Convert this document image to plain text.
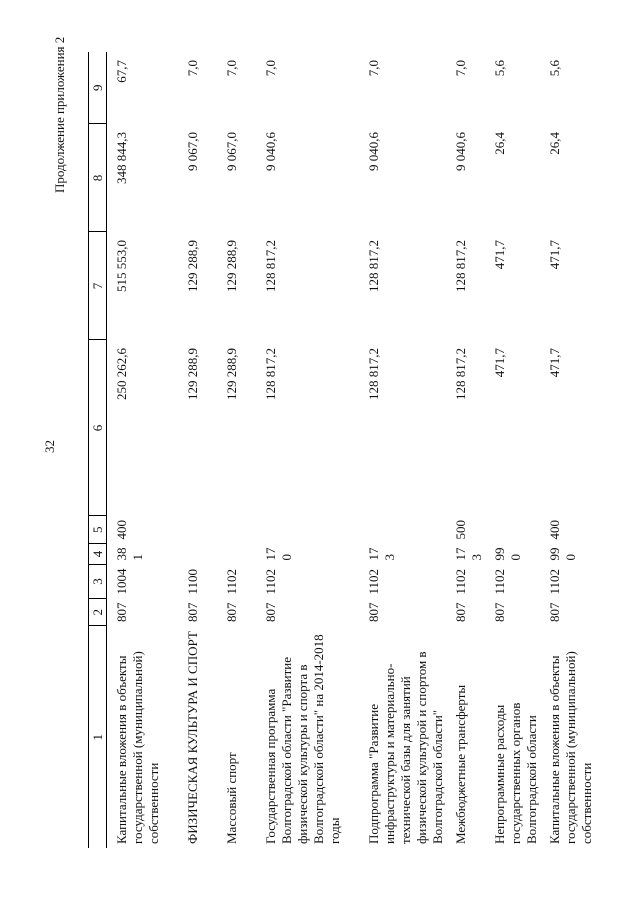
32
Продолжение приложения 2
1	2	3	4	5	6	7	8	9
Капитальные вложения в объекты государственной (муниципальной) собственности	807	1004	38 1	400	250 262,6	515 553,0	348 844,3	67,7
ФИЗИЧЕСКАЯ КУЛЬТУРА И СПОРТ	807	1100			129 288,9	129 288,9	9 067,0	7,0
Массовый спорт	807	1102			129 288,9	129 288,9	9 067,0	7,0
Государственная программа Волгоградской области "Развитие физической культуры и спорта в Волгоградской области" на 2014-2018 годы	807	1102	17 0		128 817,2	128 817,2	9 040,6	7,0
Подпрограмма "Развитие инфраструктуры и материально-технической базы для занятий физической культурой и спортом в Волгоградской области"	807	1102	17 3		128 817,2	128 817,2	9 040,6	7,0
Межбюджетные трансферты	807	1102	17 3	500	128 817,2	128 817,2	9 040,6	7,0
Непрограммные расходы государственных органов Волгоградской области	807	1102	99 0		471,7	471,7	26,4	5,6
Капитальные вложения в объекты государственной (муниципальной) собственности	807	1102	99 0	400	471,7	471,7	26,4	5,6
